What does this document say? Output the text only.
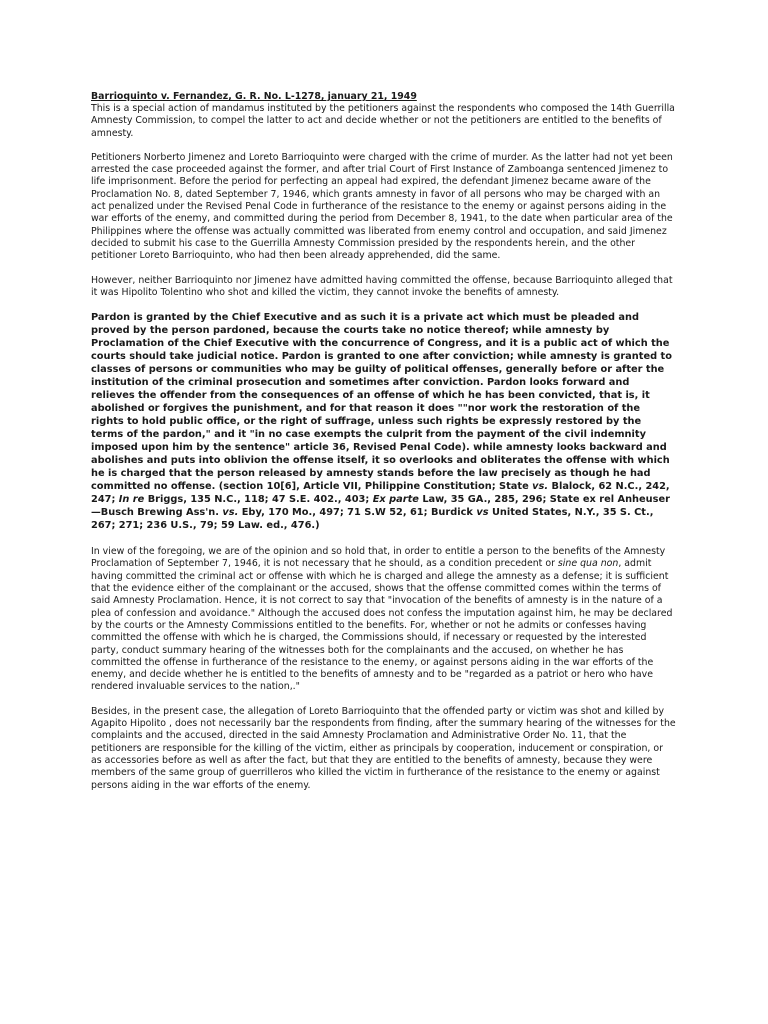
Barrioquinto v. Fernandez, G. R. No. L-1278, january 21, 1949

This is a special action of mandamus instituted by the petitioners against the respondents who composed the 14th Guerrilla Amnesty Commission, to compel the latter to act and decide whether or not the petitioners are entitled to the benefits of amnesty.

Petitioners Norberto Jimenez and Loreto Barrioquinto were charged with the crime of murder. As the latter had not yet been arrested the case proceeded against the former, and after trial Court of First Instance of Zamboanga sentenced Jimenez to life imprisonment. Before the period for perfecting an appeal had expired, the defendant Jimenez became aware of the Proclamation No. 8, dated September 7, 1946, which grants amnesty in favor of all persons who may be charged with an act penalized under the Revised Penal Code in furtherance of the resistance to the enemy or against persons aiding in the war efforts of the enemy, and committed during the period from December 8, 1941, to the date when particular area of the Philippines where the offense was actually committed was liberated from enemy control and occupation, and said Jimenez decided to submit his case to the Guerrilla Amnesty Commission presided by the respondents herein, and the other petitioner Loreto Barrioquinto, who had then been already apprehended, did the same.

However, neither Barrioquinto nor Jimenez have admitted having committed the offense, because Barrioquinto alleged that it was Hipolito Tolentino who shot and killed the victim, they cannot invoke the benefits of amnesty.

Pardon is granted by the Chief Executive and as such it is a private act which must be pleaded and proved by the person pardoned, because the courts take no notice thereof; while amnesty by Proclamation of the Chief Executive with the concurrence of Congress, and it is a public act of which the courts should take judicial notice. Pardon is granted to one after conviction; while amnesty is granted to classes of persons or communities who may be guilty of political offenses, generally before or after the institution of the criminal prosecution and sometimes after conviction. Pardon looks forward and relieves the offender from the consequences of an offense of which he has been convicted, that is, it abolished or forgives the punishment, and for that reason it does ""nor work the restoration of the rights to hold public office, or the right of suffrage, unless such rights be expressly restored by the terms of the pardon," and it "in no case exempts the culprit from the payment of the civil indemnity imposed upon him by the sentence" article 36, Revised Penal Code). while amnesty looks backward and abolishes and puts into oblivion the offense itself, it so overlooks and obliterates the offense with which he is charged that the person released by amnesty stands before the law precisely as though he had committed no offense. (section 10[6], Article VII, Philippine Constitution; State vs. Blalock, 62 N.C., 242, 247; In re Briggs, 135 N.C., 118; 47 S.E. 402., 403; Ex parte Law, 35 GA., 285, 296; State ex rel Anheuser—Busch Brewing Ass'n. vs. Eby, 170 Mo., 497; 71 S.W 52, 61; Burdick vs United States, N.Y., 35 S. Ct., 267; 271; 236 U.S., 79; 59 Law. ed., 476.)

In view of the foregoing, we are of the opinion and so hold that, in order to entitle a person to the benefits of the Amnesty Proclamation of September 7, 1946, it is not necessary that he should, as a condition precedent or sine qua non, admit having committed the criminal act or offense with which he is charged and allege the amnesty as a defense; it is sufficient that the evidence either of the complainant or the accused, shows that the offense committed comes within the terms of said Amnesty Proclamation. Hence, it is not correct to say that "invocation of the benefits of amnesty is in the nature of a plea of confession and avoidance." Although the accused does not confess the imputation against him, he may be declared by the courts or the Amnesty Commissions entitled to the benefits. For, whether or not he admits or confesses having committed the offense with which he is charged, the Commissions should, if necessary or requested by the interested party, conduct summary hearing of the witnesses both for the complainants and the accused, on whether he has committed the offense in furtherance of the resistance to the enemy, or against persons aiding in the war efforts of the enemy, and decide whether he is entitled to the benefits of amnesty and to be "regarded as a patriot or hero who have rendered invaluable services to the nation,."

Besides, in the present case, the allegation of Loreto Barrioquinto that the offended party or victim was shot and killed by Agapito Hipolito , does not necessarily bar the respondents from finding, after the summary hearing of the witnesses for the complaints and the accused, directed in the said Amnesty Proclamation and Administrative Order No. 11, that the petitioners are responsible for the killing of the victim, either as principals by cooperation, inducement or conspiration, or as accessories before as well as after the fact, but that they are entitled to the benefits of amnesty, because they were members of the same group of guerrilleros who killed the victim in furtherance of the resistance to the enemy or against persons aiding in the war efforts of the enemy.
